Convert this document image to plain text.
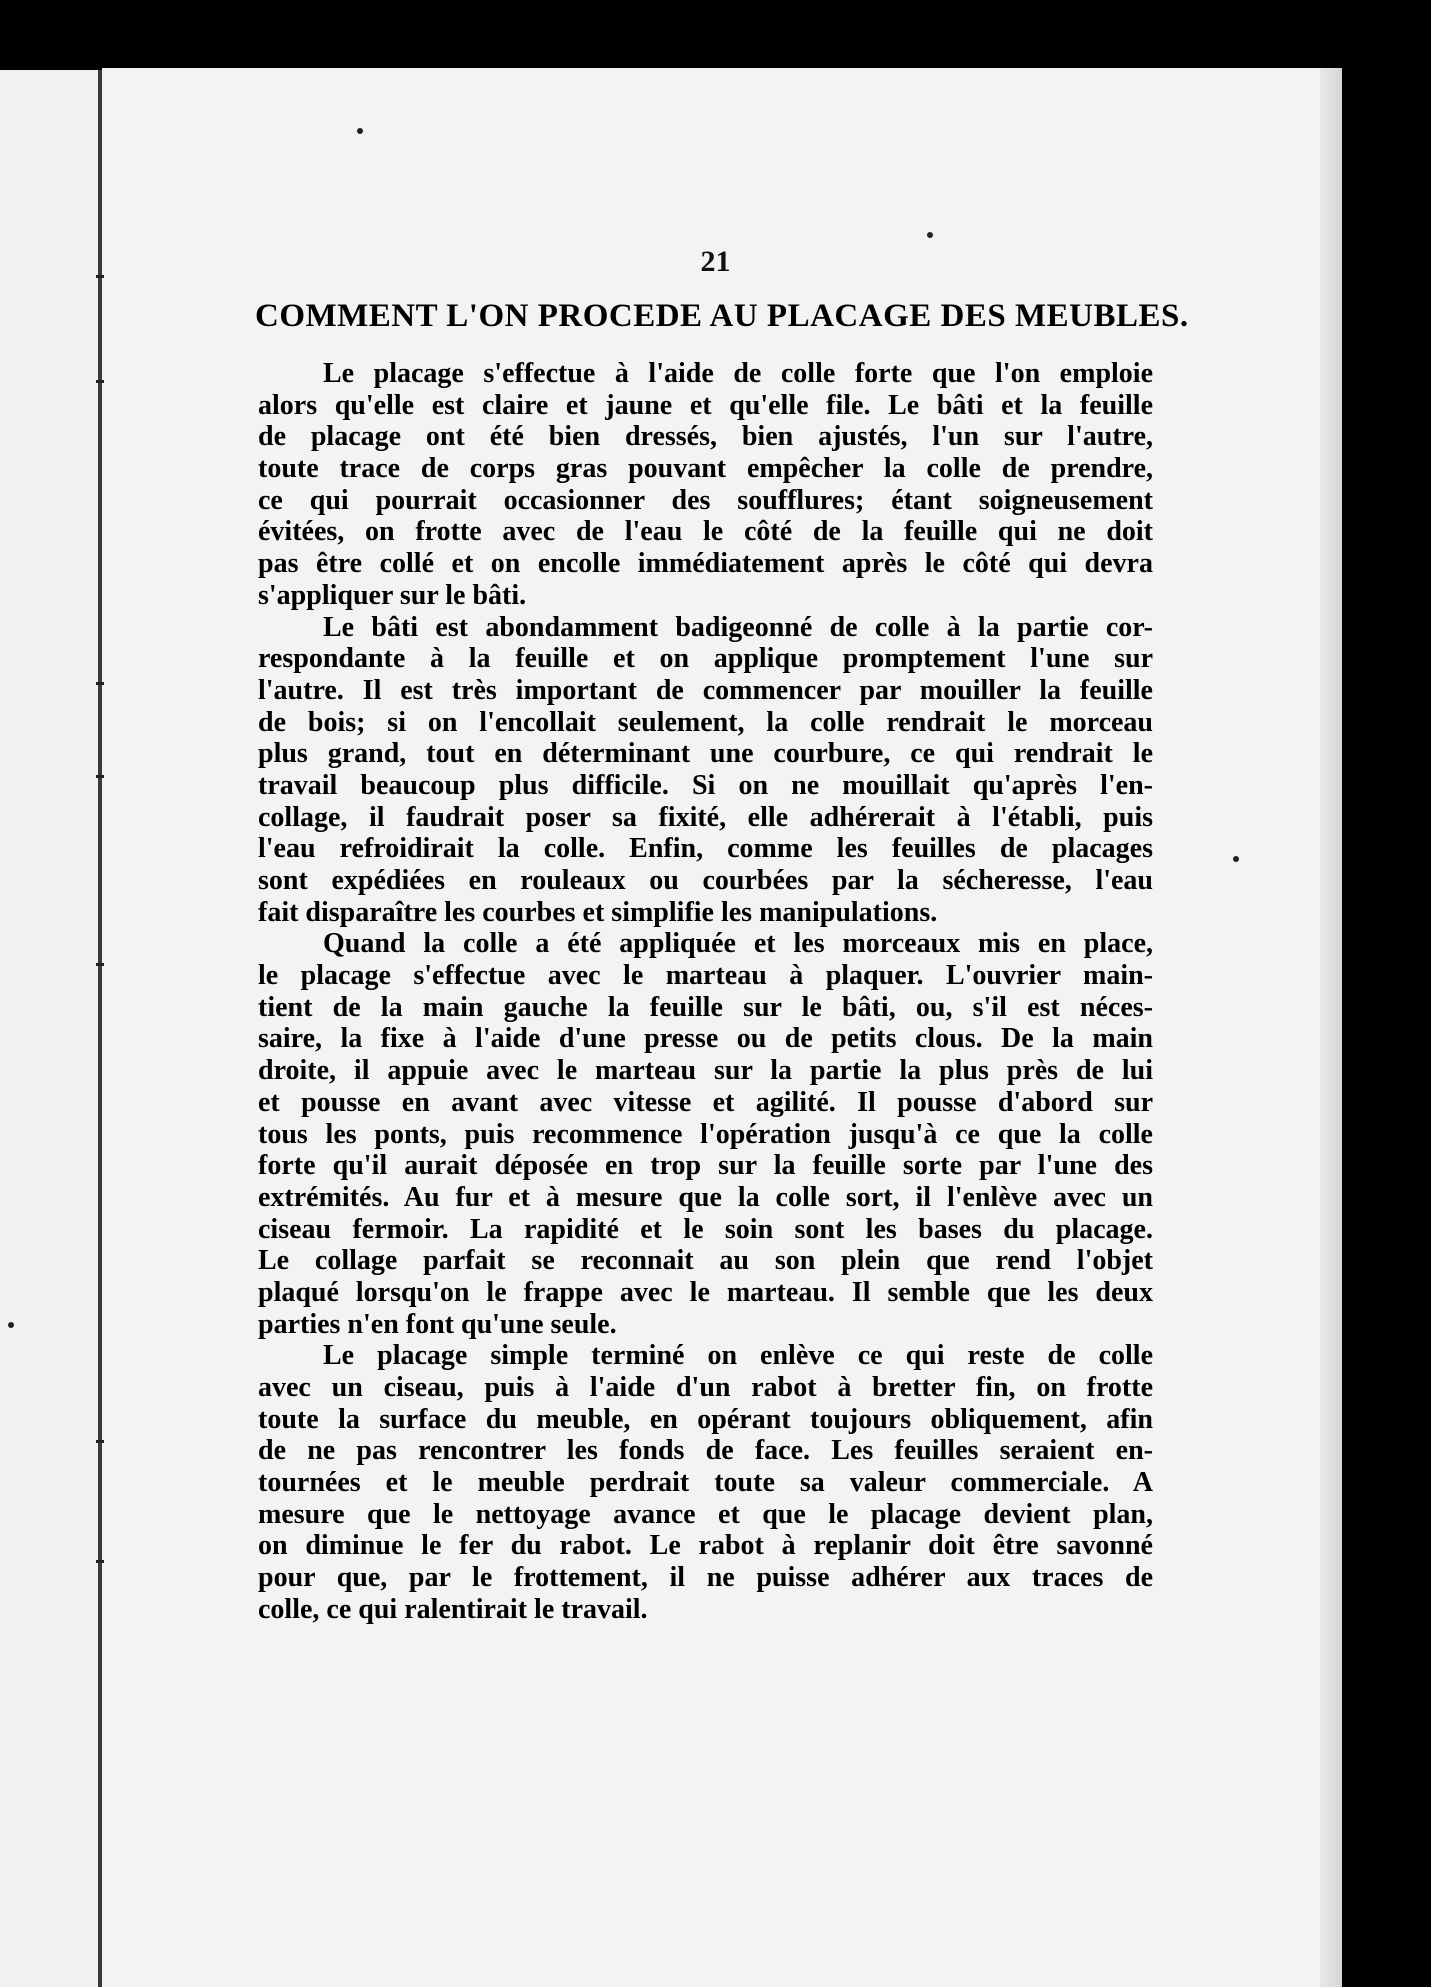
21
COMMENT L'ON PROCEDE AU PLACAGE DES MEUBLES.
Le placage s'effectue à l'aide de colle forte que l'on emploie
alors qu'elle est claire et jaune et qu'elle file. Le bâti et la feuille
de placage ont été bien dressés, bien ajustés, l'un sur l'autre,
toute trace de corps gras pouvant empêcher la colle de prendre,
ce qui pourrait occasionner des soufflures; étant soigneusement
évitées, on frotte avec de l'eau le côté de la feuille qui ne doit
pas être collé et on encolle immédiatement après le côté qui devra
s'appliquer sur le bâti.
Le bâti est abondamment badigeonné de colle à la partie cor-
respondante à la feuille et on applique promptement l'une sur
l'autre. Il est très important de commencer par mouiller la feuille
de bois; si on l'encollait seulement, la colle rendrait le morceau
plus grand, tout en déterminant une courbure, ce qui rendrait le
travail beaucoup plus difficile. Si on ne mouillait qu'après l'en-
collage, il faudrait poser sa fixité, elle adhérerait à l'établi, puis
l'eau refroidirait la colle. Enfin, comme les feuilles de placages
sont expédiées en rouleaux ou courbées par la sécheresse, l'eau
fait disparaître les courbes et simplifie les manipulations.
Quand la colle a été appliquée et les morceaux mis en place,
le placage s'effectue avec le marteau à plaquer. L'ouvrier main-
tient de la main gauche la feuille sur le bâti, ou, s'il est néces-
saire, la fixe à l'aide d'une presse ou de petits clous. De la main
droite, il appuie avec le marteau sur la partie la plus près de lui
et pousse en avant avec vitesse et agilité. Il pousse d'abord sur
tous les ponts, puis recommence l'opération jusqu'à ce que la colle
forte qu'il aurait déposée en trop sur la feuille sorte par l'une des
extrémités. Au fur et à mesure que la colle sort, il l'enlève avec un
ciseau fermoir. La rapidité et le soin sont les bases du placage.
Le collage parfait se reconnait au son plein que rend l'objet
plaqué lorsqu'on le frappe avec le marteau. Il semble que les deux
parties n'en font qu'une seule.
Le placage simple terminé on enlève ce qui reste de colle
avec un ciseau, puis à l'aide d'un rabot à bretter fin, on frotte
toute la surface du meuble, en opérant toujours obliquement, afin
de ne pas rencontrer les fonds de face. Les feuilles seraient en-
tournées et le meuble perdrait toute sa valeur commerciale. A
mesure que le nettoyage avance et que le placage devient plan,
on diminue le fer du rabot. Le rabot à replanir doit être savonné
pour que, par le frottement, il ne puisse adhérer aux traces de
colle, ce qui ralentirait le travail.
